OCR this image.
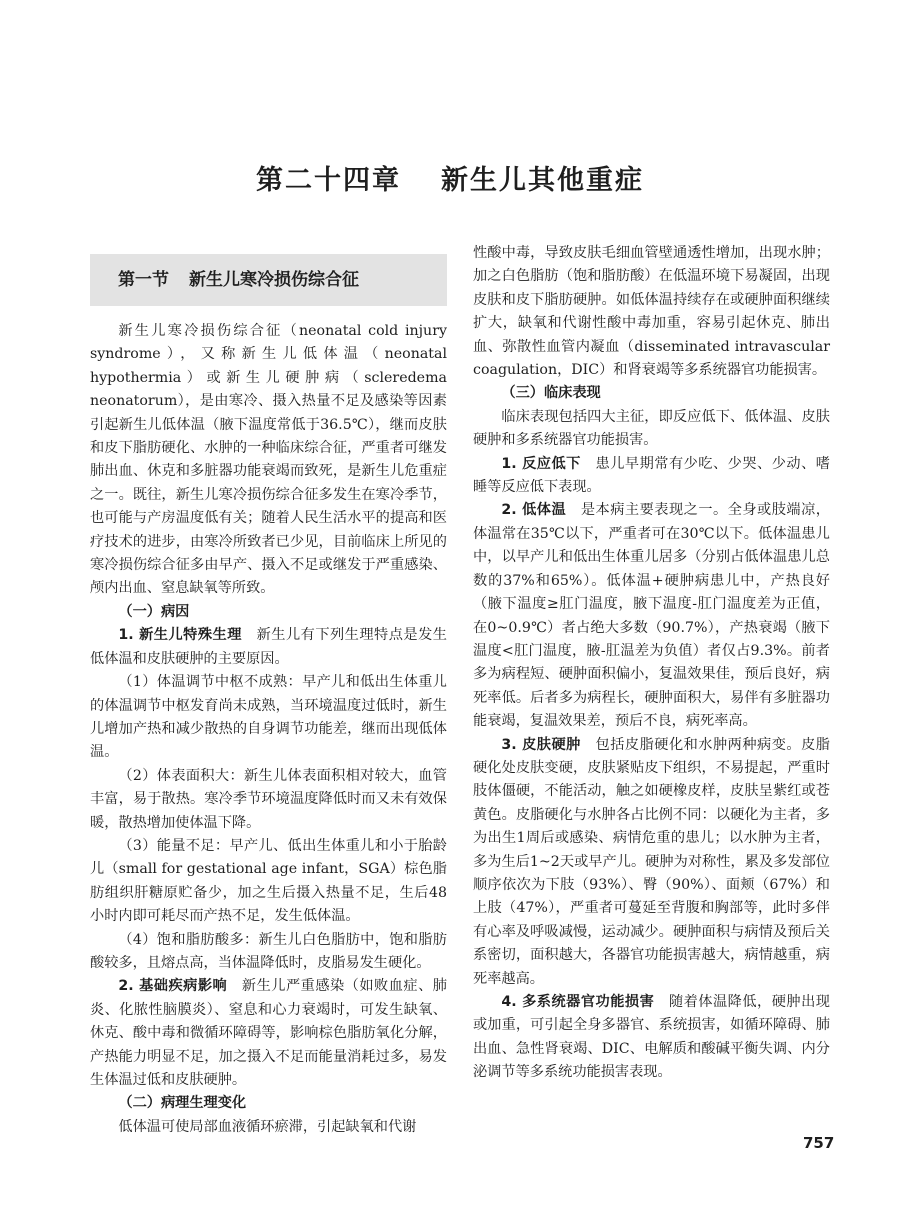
第二十四章 新生儿其他重症
第一节 新生儿寒冷损伤综合征

新生儿寒冷损伤综合征（neonatal cold injury syndrome），又称新生儿低体温（neonatal hypothermia）或新生儿硬肿病（scleredema neonatorum），是由寒冷、摄入热量不足及感染等因素引起新生儿低体温（腋下温度常低于36.5℃），继而皮肤和皮下脂肪硬化、水肿的一种临床综合征，严重者可继发肺出血、休克和多脏器功能衰竭而致死，是新生儿危重症之一。既往，新生儿寒冷损伤综合征多发生在寒冷季节，也可能与产房温度低有关；随着人民生活水平的提高和医疗技术的进步，由寒冷所致者已少见，目前临床上所见的寒冷损伤综合征多由早产、摄入不足或继发于严重感染、颅内出血、窒息缺氧等所致。

（一）病因

1. 新生儿特殊生理　 新生儿有下列生理特点是发生低体温和皮肤硬肿的主要原因。

（1）体温调节中枢不成熟：早产儿和低出生体重儿的体温调节中枢发育尚未成熟，当环境温度过低时，新生儿增加产热和减少散热的自身调节功能差，继而出现低体温。

（2）体表面积大：新生儿体表面积相对较大，血管丰富，易于散热。寒冷季节环境温度降低时而又未有效保暖，散热增加使体温下降。

（3）能量不足：早产儿、低出生体重儿和小于胎龄儿（small for gestational age infant，SGA）棕色脂肪组织肝糖原贮备少，加之生后摄入热量不足，生后48小时内即可耗尽而产热不足，发生低体温。

（4）饱和脂肪酸多：新生儿白色脂肪中，饱和脂肪酸较多，且熔点高，当体温降低时，皮脂易发生硬化。

2. 基础疾病影响　 新生儿严重感染（如败血症、肺炎、化脓性脑膜炎）、窒息和心力衰竭时，可发生缺氧、休克、酸中毒和微循环障碍等，影响棕色脂肪氧化分解，产热能力明显不足，加之摄入不足而能量消耗过多，易发生体温过低和皮肤硬肿。

（二）病理生理变化

低体温可使局部血液循环瘀滞，引起缺氧和代谢

性酸中毒，导致皮肤毛细血管壁通透性增加，出现水肿；加之白色脂肪（饱和脂肪酸）在低温环境下易凝固，出现皮肤和皮下脂肪硬肿。如低体温持续存在或硬肿面积继续扩大，缺氧和代谢性酸中毒加重，容易引起休克、肺出血、弥散性血管内凝血（disseminated intravascular coagulation，DIC）和肾衰竭等多系统器官功能损害。

（三）临床表现

临床表现包括四大主征，即反应低下、低体温、皮肤硬肿和多系统器官功能损害。

1. 反应低下　 患儿早期常有少吃、少哭、少动、嗜睡等反应低下表现。

2. 低体温　 是本病主要表现之一。全身或肢端凉，体温常在35℃以下，严重者可在30℃以下。低体温患儿中，以早产儿和低出生体重儿居多（分别占低体温患儿总数的37%和65%）。低体温+硬肿病患儿中，产热良好（腋下温度≥肛门温度，腋下温度-肛门温度差为正值，在0~0.9℃）者占绝大多数（90.7%），产热衰竭（腋下温度<肛门温度，腋-肛温差为负值）者仅占9.3%。前者多为病程短、硬肿面积偏小，复温效果佳，预后良好，病死率低。后者多为病程长，硬肿面积大，易伴有多脏器功能衰竭，复温效果差，预后不良，病死率高。

3. 皮肤硬肿　 包括皮脂硬化和水肿两种病变。皮脂硬化处皮肤变硬，皮肤紧贴皮下组织，不易提起，严重时肢体僵硬，不能活动，触之如硬橡皮样，皮肤呈紫红或苍黄色。皮脂硬化与水肿各占比例不同：以硬化为主者，多为出生1周后或感染、病情危重的患儿；以水肿为主者，多为生后1~2天或早产儿。硬肿为对称性，累及多发部位顺序依次为下肢（93%）、臀（90%）、面颊（67%）和上肢（47%），严重者可蔓延至背腹和胸部等，此时多伴有心率及呼吸减慢，运动减少。硬肿面积与病情及预后关系密切，面积越大，各器官功能损害越大，病情越重，病死率越高。

4. 多系统器官功能损害　 随着体温降低，硬肿出现或加重，可引起全身多器官、系统损害，如循环障碍、肺出血、急性肾衰竭、DIC、电解质和酸碱平衡失调、内分泌调节等多系统功能损害表现。

757
